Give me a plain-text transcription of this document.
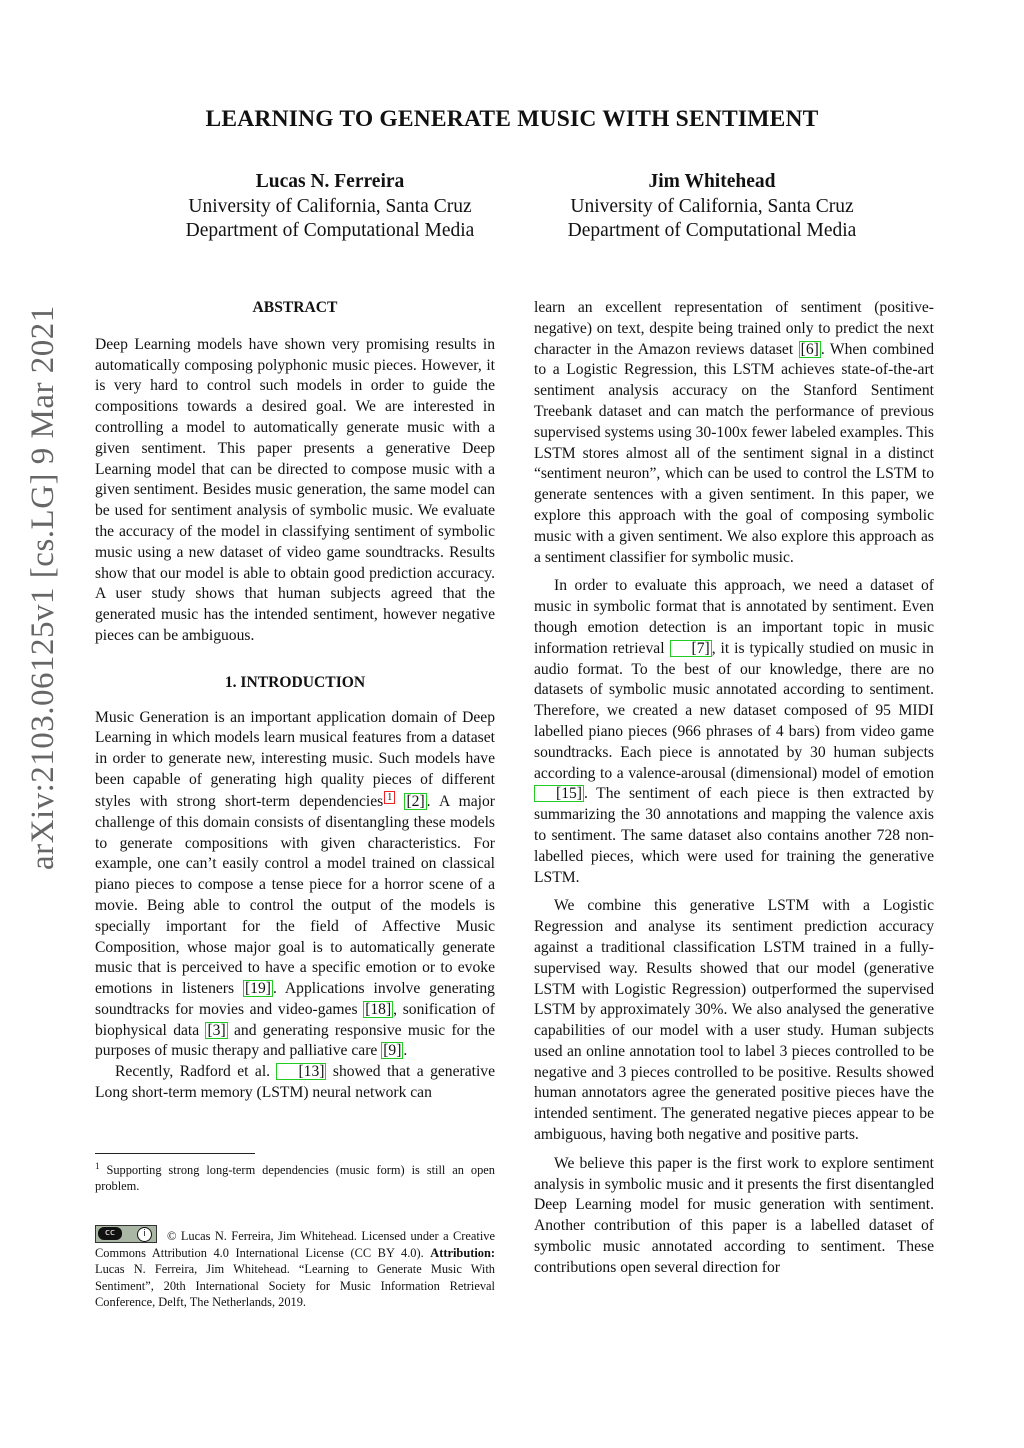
arXiv:2103.06125v1 [cs.LG] 9 Mar 2021
LEARNING TO GENERATE MUSIC WITH SENTIMENT
Lucas N. Ferreira
University of California, Santa Cruz
Department of Computational Media
Jim Whitehead
University of California, Santa Cruz
Department of Computational Media
ABSTRACT

Deep Learning models have shown very promising results in automatically composing polyphonic music pieces. However, it is very hard to control such models in order to guide the compositions towards a desired goal. We are interested in controlling a model to automatically generate music with a given sentiment. This paper presents a generative Deep Learning model that can be directed to compose music with a given sentiment. Besides music generation, the same model can be used for sentiment analysis of symbolic music. We evaluate the accuracy of the model in classifying sentiment of symbolic music using a new dataset of video game soundtracks. Results show that our model is able to obtain good prediction accuracy. A user study shows that human subjects agreed that the generated music has the intended sentiment, however negative pieces can be ambiguous.

1. INTRODUCTION

Music Generation is an important application domain of Deep Learning in which models learn musical features from a dataset in order to generate new, interesting music. Such models have been capable of generating high quality pieces of different styles with strong short-term dependencies 1 [2] . A major challenge of this domain consists of disentangling these models to generate compositions with given characteristics. For example, one can’t easily control a model trained on classical piano pieces to compose a tense piece for a horror scene of a movie. Being able to control the output of the models is specially important for the field of Affective Music Composition, whose major goal is to automatically generate music that is perceived to have a specific emotion or to evoke emotions in listeners [19] . Applications involve generating soundtracks for movies and video-games [18] , sonification of biophysical data [3] and generating responsive music for the purposes of music therapy and palliative care [9] .

Recently, Radford et al. [13] showed that a generative Long short-term memory (LSTM) neural network can

$^1$ Supporting strong long-term dependencies (music form) is still an open problem.
cc	i	© Lucas N. Ferreira, Jim Whitehead. Licensed under a Creative Commons Attribution 4.0 International License (CC BY 4.0). Attribution: Lucas N. Ferreira, Jim Whitehead. “Learning to Generate Music With Sentiment”, 20th International Society for Music Information Retrieval Conference, Delft, The Netherlands, 2019.

learn an excellent representation of sentiment (positive-negative) on text, despite being trained only to predict the next character in the Amazon reviews dataset [6] . When combined to a Logistic Regression, this LSTM achieves state-of-the-art sentiment analysis accuracy on the Stanford Sentiment Treebank dataset and can match the performance of previous supervised systems using 30-100x fewer labeled examples. This LSTM stores almost all of the sentiment signal in a distinct “sentiment neuron”, which can be used to control the LSTM to generate sentences with a given sentiment. In this paper, we explore this approach with the goal of composing symbolic music with a given sentiment. We also explore this approach as a sentiment classifier for symbolic music.

In order to evaluate this approach, we need a dataset of music in symbolic format that is annotated by sentiment. Even though emotion detection is an important topic in music information retrieval [7] , it is typically studied on music in audio format. To the best of our knowledge, there are no datasets of symbolic music annotated according to sentiment. Therefore, we created a new dataset composed of 95 MIDI labelled piano pieces (966 phrases of 4 bars) from video game soundtracks. Each piece is annotated by 30 human subjects according to a valence-arousal (dimensional) model of emotion [15] . The sentiment of each piece is then extracted by summarizing the 30 annotations and mapping the valence axis to sentiment. The same dataset also contains another 728 non-labelled pieces, which were used for training the generative LSTM.

We combine this generative LSTM with a Logistic Regression and analyse its sentiment prediction accuracy against a traditional classification LSTM trained in a fully-supervised way. Results showed that our model (generative LSTM with Logistic Regression) outperformed the supervised LSTM by approximately 30%. We also analysed the generative capabilities of our model with a user study. Human subjects used an online annotation tool to label 3 pieces controlled to be negative and 3 pieces controlled to be positive. Results showed human annotators agree the generated positive pieces have the intended sentiment. The generated negative pieces appear to be ambiguous, having both negative and positive parts.

We believe this paper is the first work to explore sentiment analysis in symbolic music and it presents the first disentangled Deep Learning model for music generation with sentiment. Another contribution of this paper is a labelled dataset of symbolic music annotated according to sentiment. These contributions open several direction for
